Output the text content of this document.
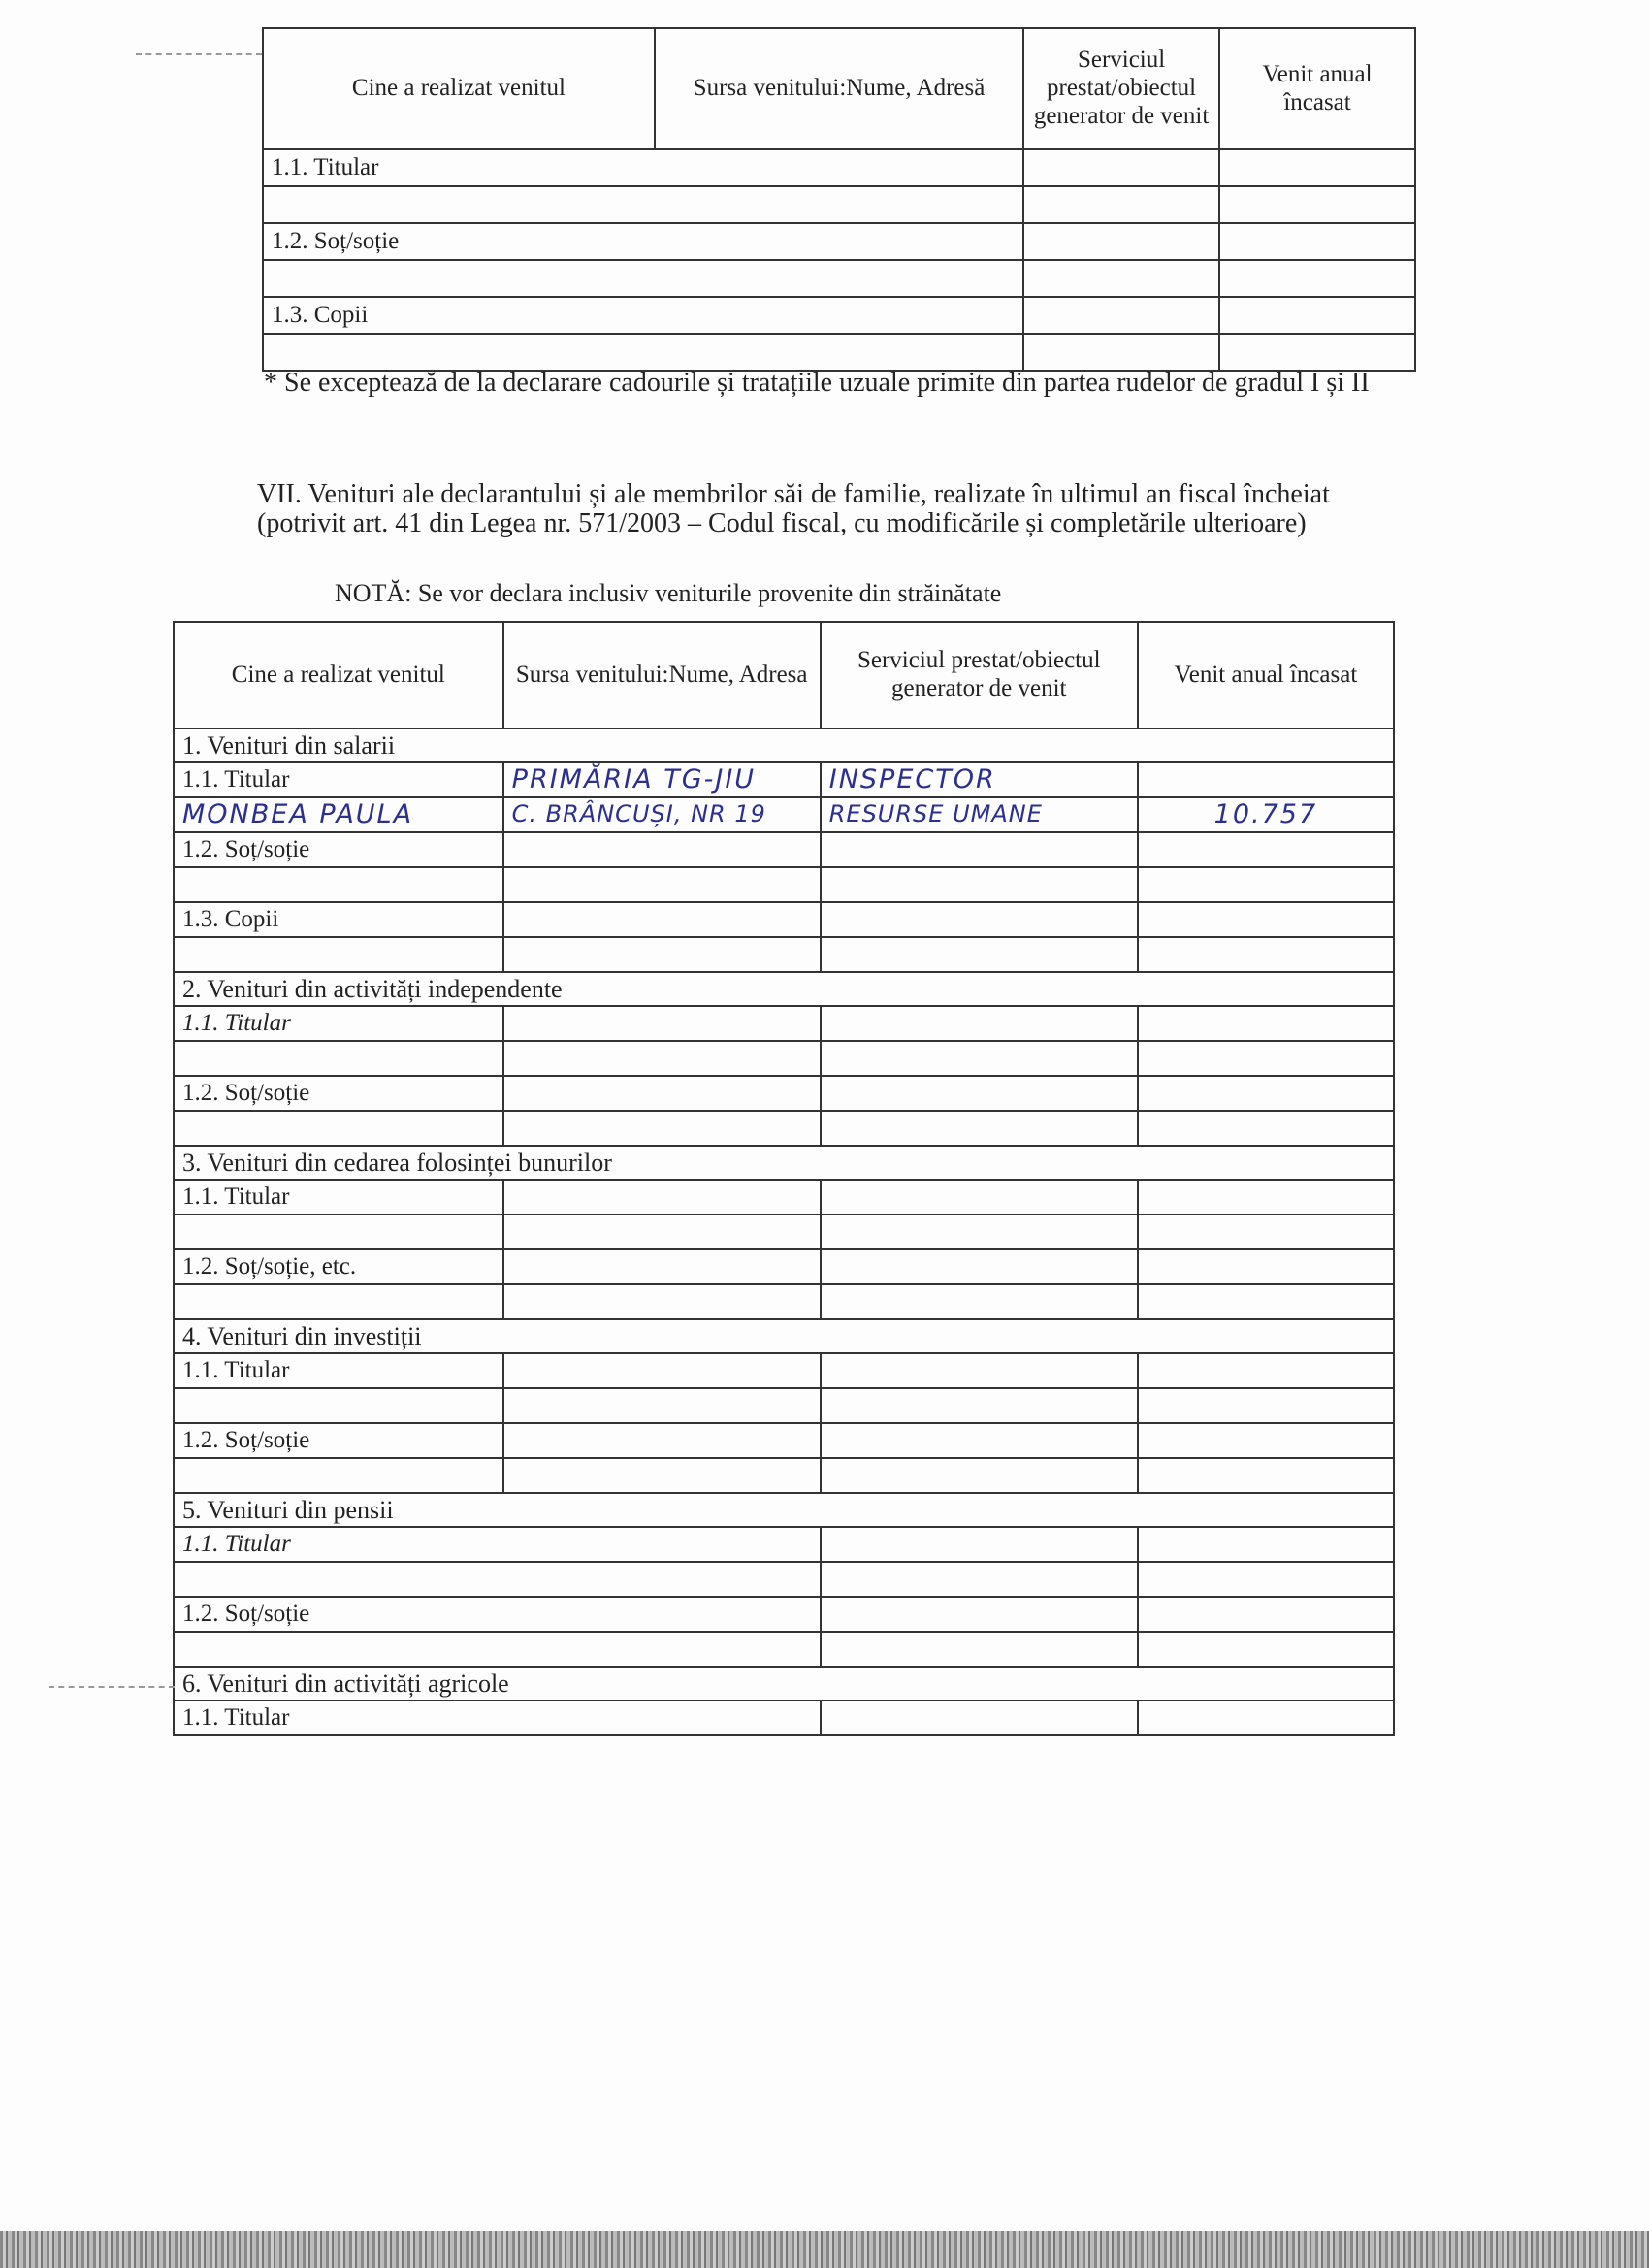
Cine a realizat venitul	Sursa venitului:Nume, Adresă	Serviciul prestat/obiectul generator de venit	Venit anual încasat
1.1. Titular			

1.2. Soț/soție			

1.3. Copii			

* Se exceptează de la declarare cadourile și tratațiile uzuale primite din partea rudelor de gradul I și II

VII. Venituri ale declarantului și ale membrilor săi de familie, realizate în ultimul an fiscal încheiat (potrivit art. 41 din Legea nr. 571/2003 – Codul fiscal, cu modificările și completările ulterioare)

NOTĂ: Se vor declara inclusiv veniturile provenite din străinătate

Cine a realizat venitul	Sursa venitului:Nume, Adresa	Serviciul prestat/obiectul generator de venit	Venit anual încasat
1. Venituri din salarii			
1.1. Titular	PRIMĂRIA TG-JIU	INSPECTOR	
MONBEA PAULA	C. BRÂNCUȘI, NR 19	RESURSE UMANE	10.757
1.2. Soț/soție			

1.3. Copii			

2. Venituri din activități independente			
1.1. Titular			

1.2. Soț/soție			

3. Venituri din cedarea folosinței bunurilor			
1.1. Titular			

1.2. Soț/soție, etc.			

4. Venituri din investiții			
1.1. Titular			

1.2. Soț/soție			

5. Venituri din pensii			
1.1. Titular			

1.2. Soț/soție			

6. Venituri din activități agricole			
1.1. Titular			
